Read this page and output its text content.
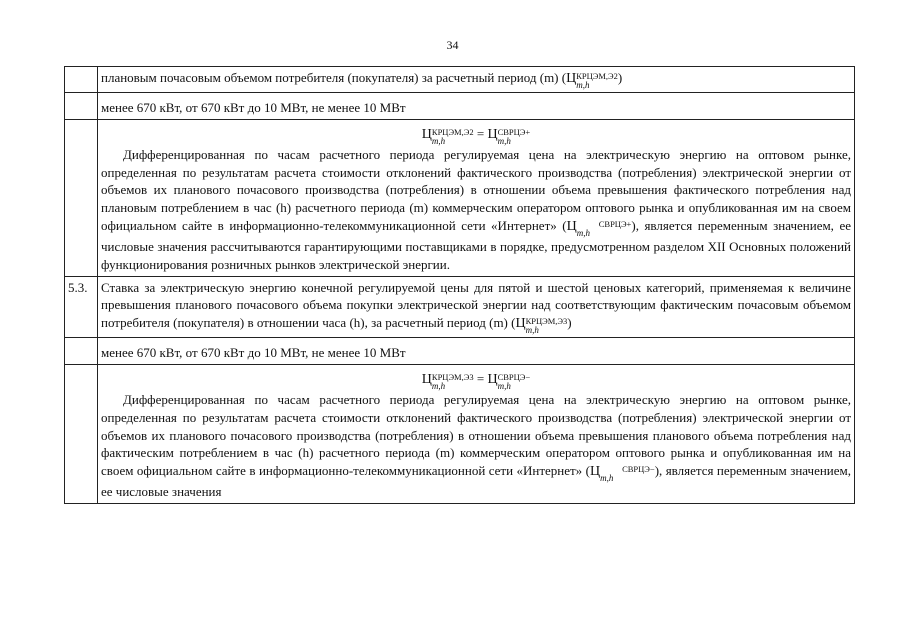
34
	плановым почасовым объемом потребителя (покупателя) за расчетный период (m) (ЦКРЦЭМ,Э2
m,h )
	менее 670 кВт, от 670 кВт до 10 МВт, не менее 10 МВт

	ЦКРЦЭМ,Э2
m,h = ЦСВРЦЭ+
m,h

Дифференцированная по часам расчетного периода регулируемая цена на электрическую энергию на оптовом рынке, определенная по результатам расчета стоимости отклонений фактического производства (потребления) электрической энергии от объемов их планового почасового производства (потребления) в отношении объема превышения фактического потребления над плановым потреблением в час (h) расчетного периода (m) коммерческим оператором оптового рынка и опубликованная им на своем официальном сайте в информационно-телекоммуникационной сети «Интернет» (Ц СВРЦЭ+
m,h ), является переменным значением, ее числовые значения рассчитываются гарантирующими поставщиками в порядке, предусмотренном разделом XII Основных положений функционирования розничных рынков электрической энергии.

5.3.	Ставка за электрическую энергию конечной регулируемой цены для пятой и шестой ценовых категорий, применяемая к величине превышения планового почасового объема покупки электрической энергии над соответствующим фактическим почасовым объемом потребителя (покупателя) в отношении часа (h), за расчетный период (m) (ЦКРЦЭМ,Э3
m,h )
	менее 670 кВт, от 670 кВт до 10 МВт, не менее 10 МВт

	ЦКРЦЭМ,Э3
m,h = ЦСВРЦЭ−
m,h

Дифференцированная по часам расчетного периода регулируемая цена на электрическую энергию на оптовом рынке, определенная по результатам расчета стоимости отклонений фактического производства (потребления) электрической энергии от объемов их планового почасового производства (потребления) в отношении объема превышения планового объема потребления над фактическим потреблением в час (h) расчетного периода (m) коммерческим оператором оптового рынка и опубликованная им на своем официальном сайте в информационно-телекоммуникационной сети «Интернет» (Ц СВРЦЭ−
m,h ), является переменным значением, ее числовые значения
